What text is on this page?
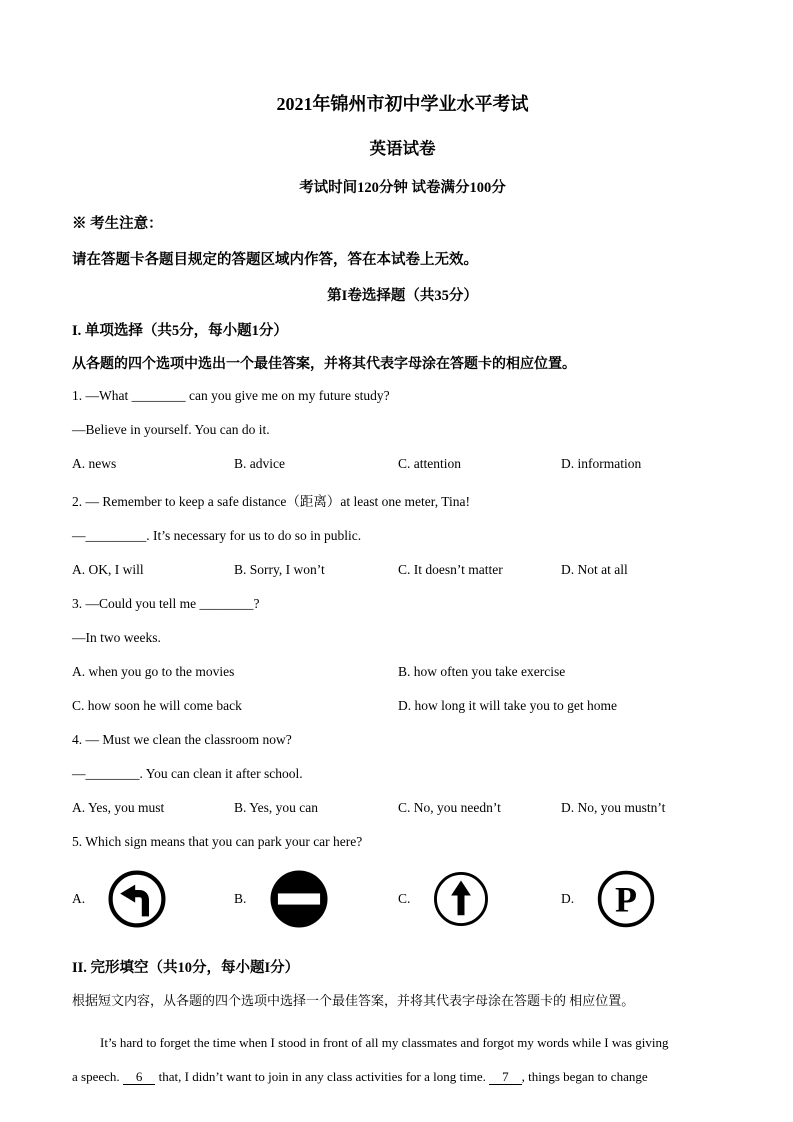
2021年锦州市初中学业水平考试
英语试卷
考试时间120分钟 试卷满分100分
※ 考生注意：
请在答题卡各题目规定的答题区域内作答，答在本试卷上无效。
第I卷选择题（共35分）
I. 单项选择（共5分，每小题1分）
从各题的四个选项中选出一个最佳答案，并将其代表字母涂在答题卡的相应位置。
1. —What ________ can you give me on my future study?
—Believe in yourself. You can do it.
A. news	B. advice	C. attention	D. information
2. — Remember to keep a safe distance（距离）at least one meter, Tina!
—_________. It’s necessary for us to do so in public.
A. OK, I will	B. Sorry, I won’t	C. It doesn’t matter	D. Not at all
3. —Could you tell me ________?
—In two weeks.
A. when you go to the movies	B. how often you take exercise
C. how soon he will come back	D. how long it will take you to get home
4. — Must we clean the classroom now?
—________. You can clean it after school.
A. Yes, you must	B. Yes, you can	C. No, you needn’t	D. No, you mustn’t
5. Which sign means that you can park your car here?
A.	B.	C.	D. P
II. 完形填空（共10分，每小题I分）
根据短文内容，从各题的四个选项中选择一个最佳答案，并将其代表字母涂在答题卡的 相应位置。
It’s hard to forget the time when I stood in front of all my classmates and forgot my words while I was giving
a speech.     6     that, I didn’t want to join in any class activities for a long time.     7    , things began to change
